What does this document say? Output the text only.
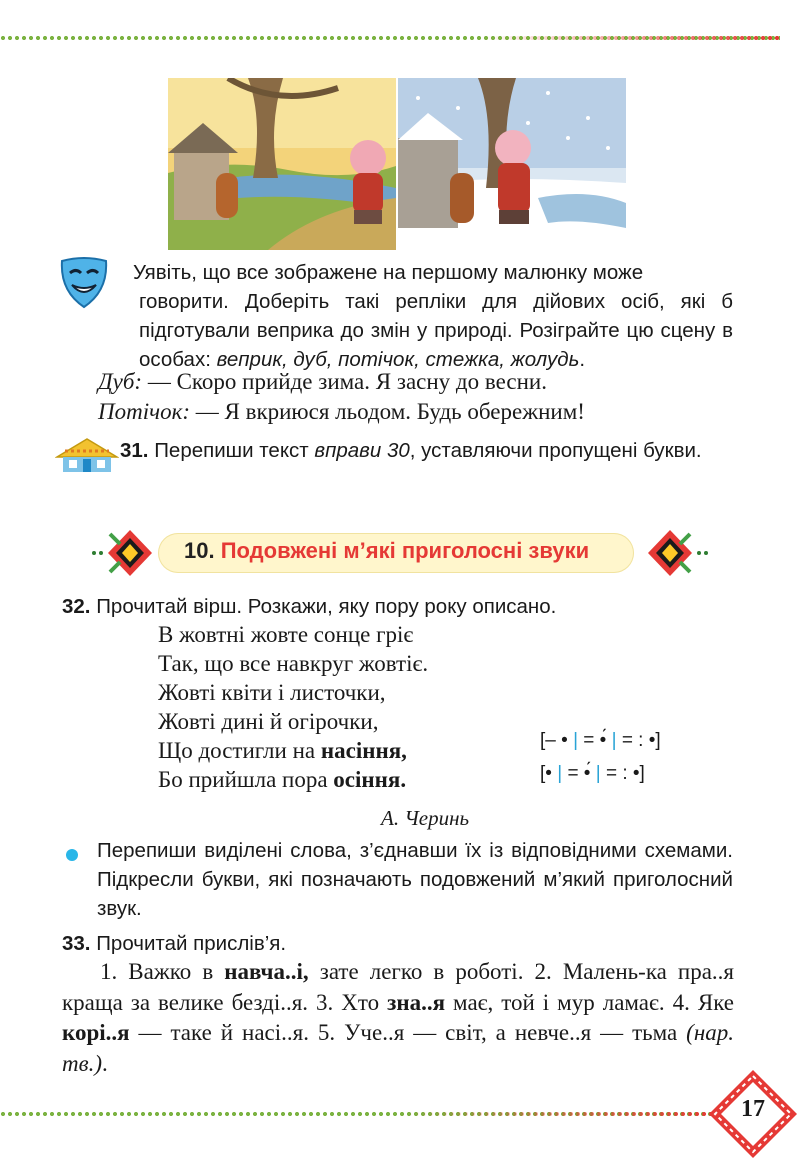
Уявіть, що все зображене на першому малюнку може
говорити. Доберіть такі репліки для дійових осіб, які б підготували веприка до змін у природі. Розігрaйте цю сцену в особах: веприк, дуб, потічок, стежка, жолудь.
Дуб: — Скоро прийде зима. Я засну до весни.
Потічок: — Я вкриюся льодом. Будь обережним!
31. Перепиши текст вправи 30, уставляючи пропущені букви.
10. Подовжені м’які приголосні звуки
32. Прочитай вірш. Розкажи, яку пору року описано.
В жовтні жовте сонце гріє
Так, що все навкруг жовтіє.
Жовті квіти і листочки,
Жовті дині й огірочки,
Що достигли на насіння,
Бо прийшла пора осіння.
[– • | = •́ | = : •]
[• | = •́ | = : •]
А. Черинь
Перепиши виділені слова, з’єднавши їх із відповідними схемами. Підкресли букви, які позначають подовжений м’який приголосний звук.
33. Прочитай прислів’я.
1. Важко в навча..і, зате легко в роботі. 2. Малень-ка пра..я краща за велике безді..я. 3. Хто зна..я має, той і мур ламає. 4. Яке корі..я — таке й насі..я. 5. Уче..я — світ, а невче..я — тьма (нар. тв.).
17
